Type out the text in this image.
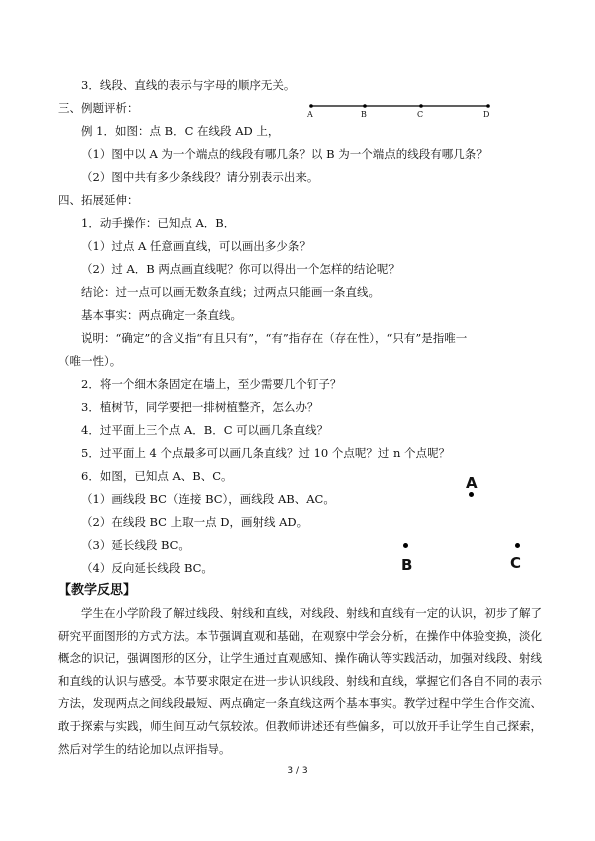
3．线段、直线的表示与字母的顺序无关。
三、例题评析：
例 1．如图：点 B．C 在线段 AD 上，
（1）图中以 A 为一个端点的线段有哪几条？以 B 为一个端点的线段有哪几条？
（2）图中共有多少条线段？请分别表示出来。
四、拓展延伸：
1．动手操作：已知点 A．B．
（1）过点 A 任意画直线，可以画出多少条？
（2）过 A．B 两点画直线呢？你可以得出一个怎样的结论呢？
结论：过一点可以画无数条直线；过两点只能画一条直线。
基本事实：两点确定一条直线。
说明：“确定”的含义指“有且只有”，“有”指存在（存在性），“只有”是指唯一
（唯一性）。
2．将一个细木条固定在墙上，至少需要几个钉子？
3．植树节，同学要把一排树植整齐，怎么办？
4．过平面上三个点 A．B．C 可以画几条直线？
5．过平面上 4 个点最多可以画几条直线？过 10 个点呢？过 n 个点呢？
6．如图，已知点 A、B、C。
（1）画线段 BC（连接 BC），画线段 AB、AC。
（2）在线段 BC 上取一点 D，画射线 AD。
（3）延长线段 BC。
（4）反向延长线段 BC。
【教学反思】
学生在小学阶段了解过线段、射线和直线，对线段、射线和直线有一定的认识，初步了解了研究平面图形的方式方法。本节强调直观和基础，在观察中学会分析，在操作中体验变换，淡化概念的识记，强调图形的区分，让学生通过直观感知、操作确认等实践活动，加强对线段、射线和直线的认识与感受。本节要求限定在进一步认识线段、射线和直线，掌握它们各自不同的表示方法，发现两点之间线段最短、两点确定一条直线这两个基本事实。教学过程中学生合作交流、敢于探索与实践，师生间互动气氛较浓。但教师讲述还有些偏多，可以放开手让学生自己探索，然后对学生的结论加以点评指导。
A	B	C	D
A
B	C
3 / 3
